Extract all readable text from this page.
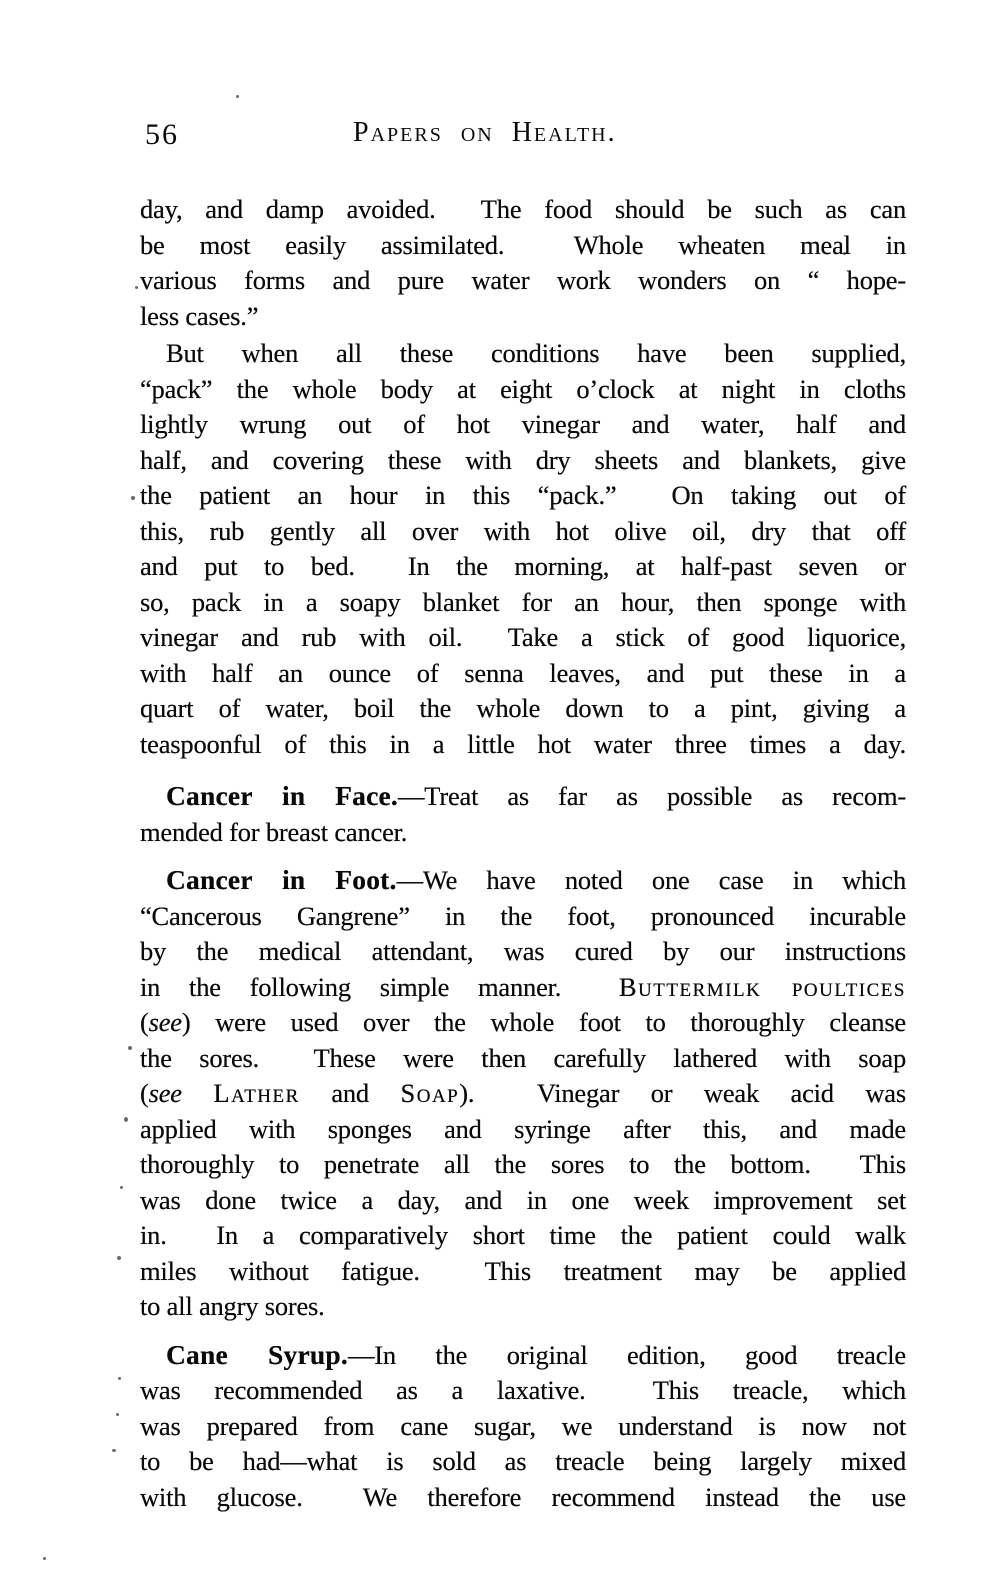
56	Papers on Health.

day, and damp avoided.  The food should be such as can
be most easily assimilated.  Whole wheaten meal in
various forms and pure water work wonders on “ hope-
less cases.”

But when all these conditions have been supplied,
“pack” the whole body at eight o’clock at night in cloths
lightly wrung out of hot vinegar and water, half and
half, and covering these with dry sheets and blankets, give
the patient an hour in this “pack.”  On taking out of
this, rub gently all over with hot olive oil, dry that off
and put to bed.  In the morning, at half-past seven or
so, pack in a soapy blanket for an hour, then sponge with
vinegar and rub with oil.  Take a stick of good liquorice,
with half an ounce of senna leaves, and put these in a
quart of water, boil the whole down to a pint, giving a
teaspoonful of this in a little hot water three times a day.

Cancer in Face.—Treat as far as possible as recom-
mended for breast cancer.

Cancer in Foot.—We have noted one case in which
“Cancerous Gangrene” in the foot, pronounced incurable
by the medical attendant, was cured by our instructions
in the following simple manner.  Buttermilk poultices
(see) were used over the whole foot to thoroughly cleanse
the sores.  These were then carefully lathered with soap
(see Lather and Soap).  Vinegar or weak acid was
applied with sponges and syringe after this, and made
thoroughly to penetrate all the sores to the bottom.  This
was done twice a day, and in one week improvement set
in.  In a comparatively short time the patient could walk
miles without fatigue.  This treatment may be applied
to all angry sores.

Cane Syrup.—In the original edition, good treacle
was recommended as a laxative.  This treacle, which
was prepared from cane sugar, we understand is now not
to be had—what is sold as treacle being largely mixed
with glucose.  We therefore recommend instead the use
